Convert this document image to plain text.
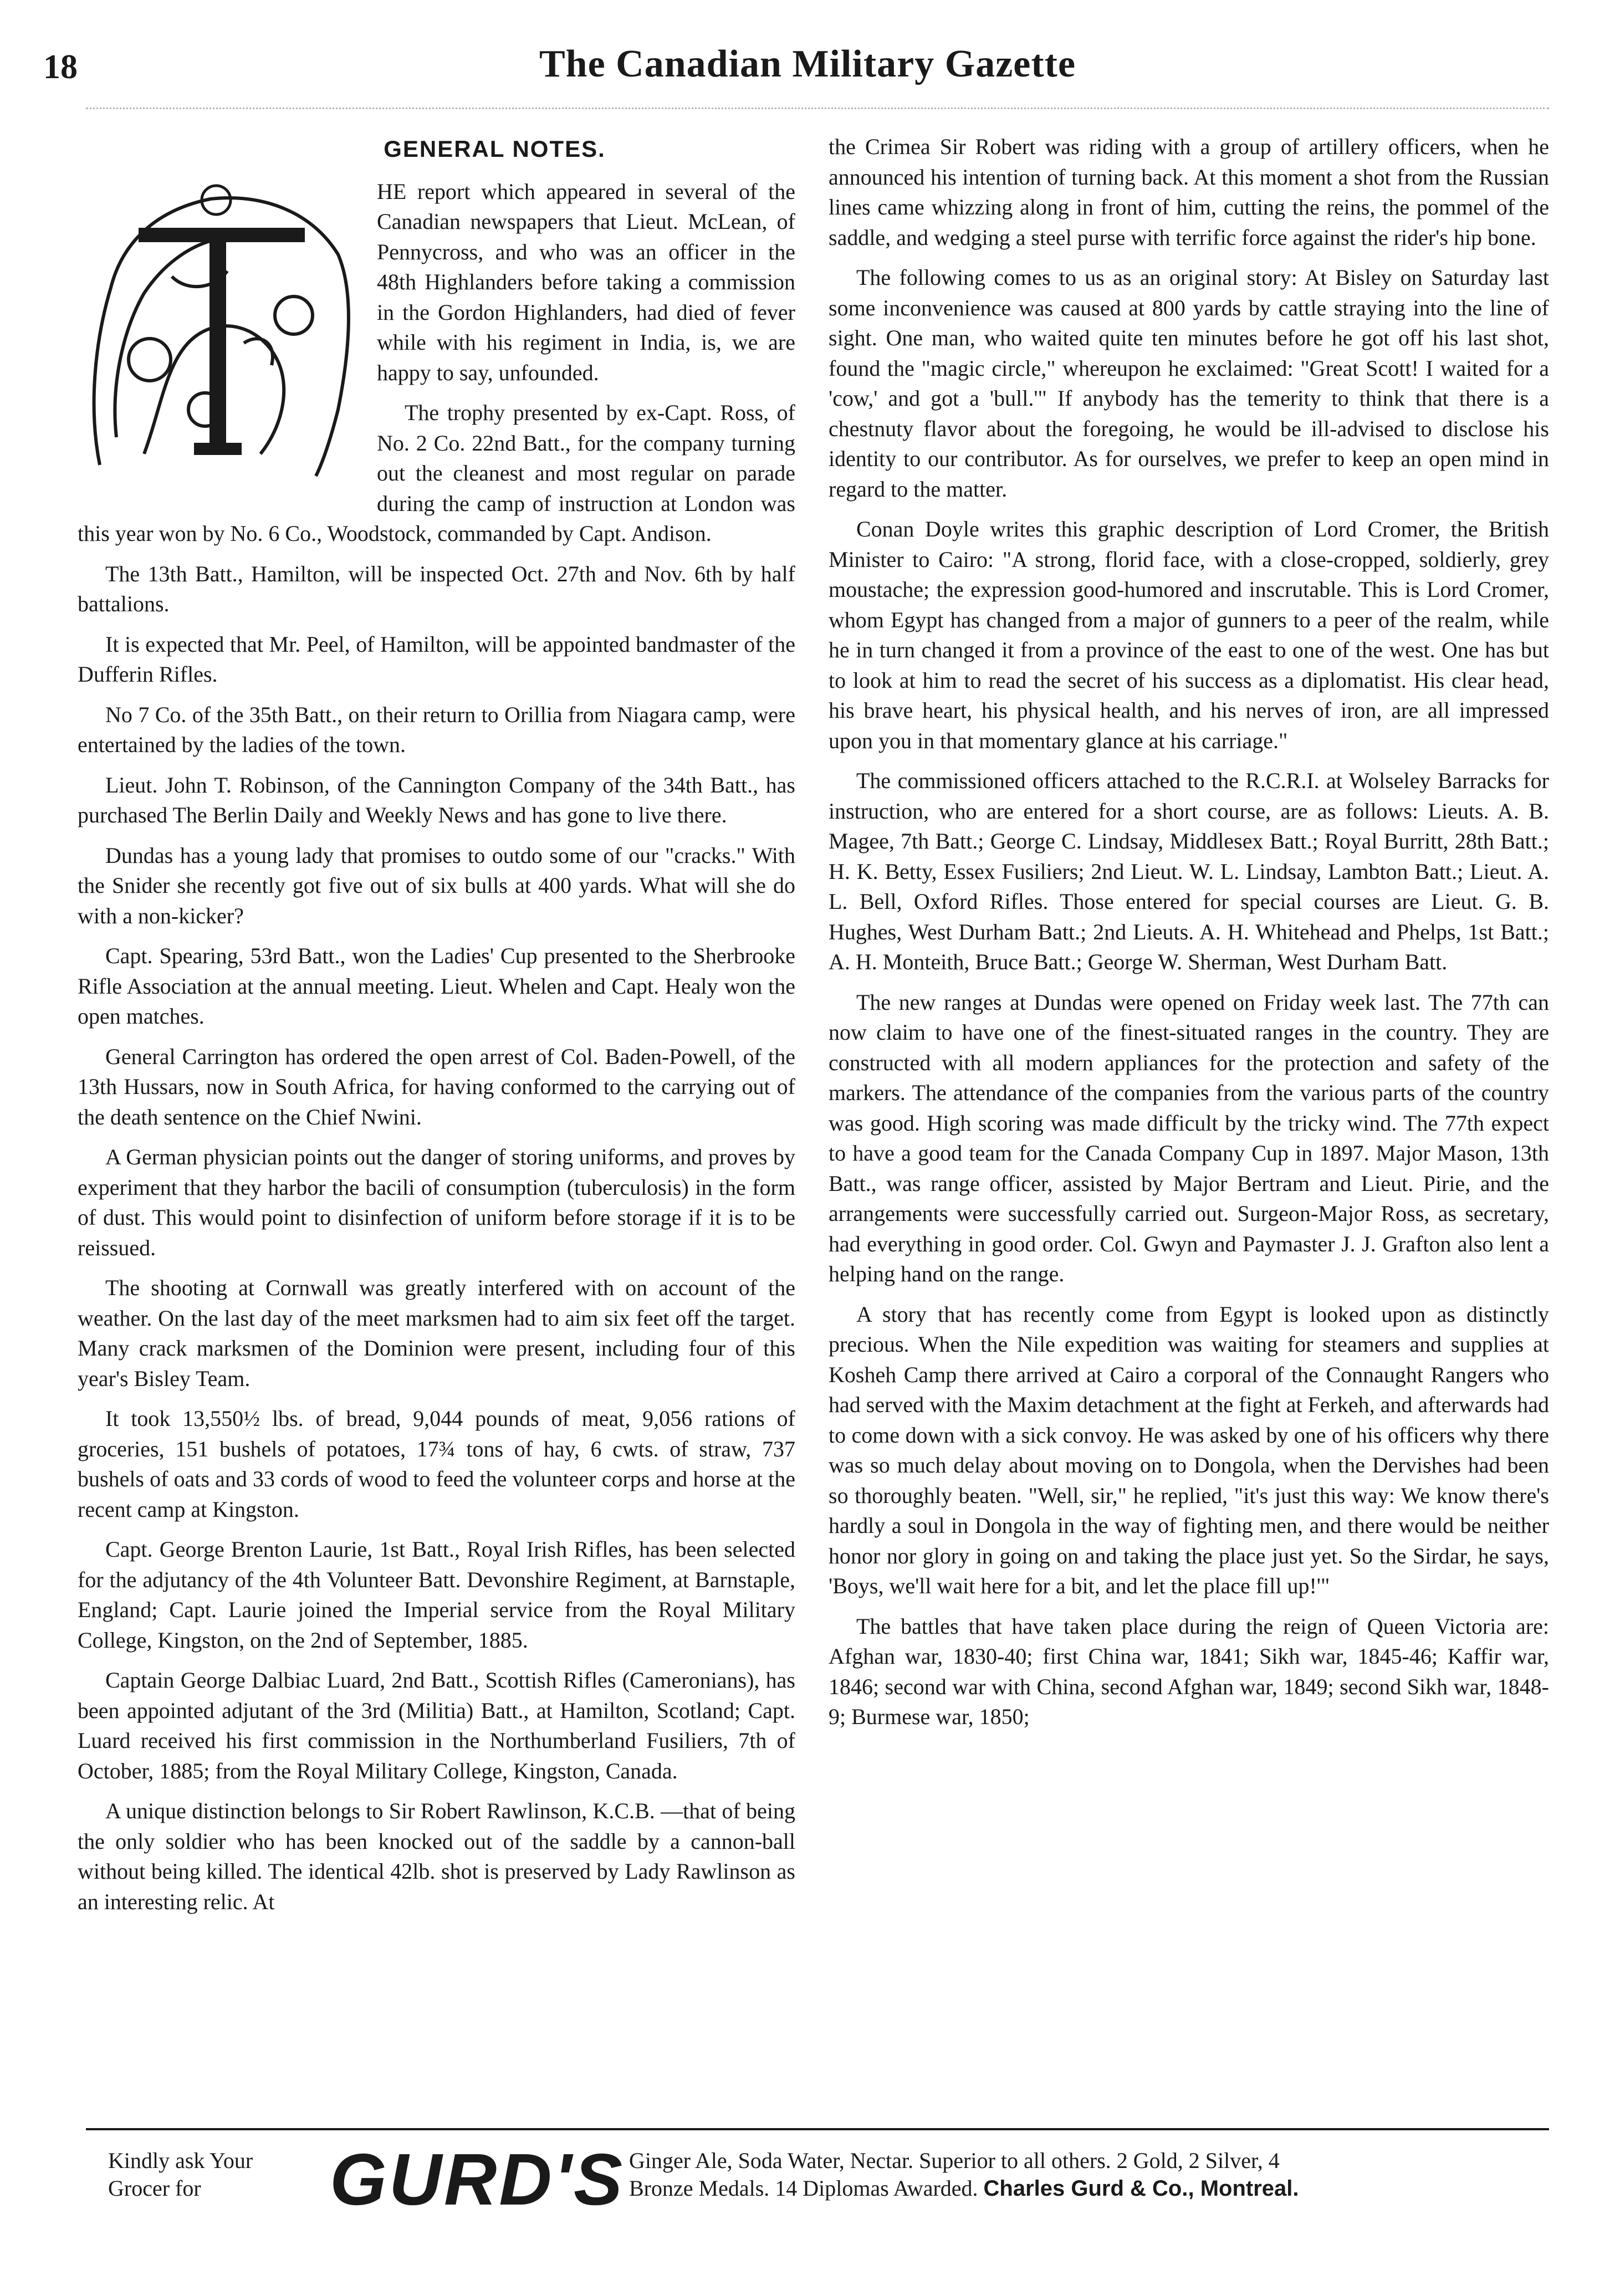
18	The Canadian Military Gazette
GENERAL NOTES.

HE report which appeared in several of the Canadian newspapers that Lieut. McLean, of Pennycross, and who was an officer in the 48th Highlanders before taking a commission in the Gordon Highlanders, had died of fever while with his regiment in India, is, we are happy to say, unfounded.

The trophy presented by ex-Capt. Ross, of No. 2 Co. 22nd Batt., for the company turning out the cleanest and most regular on parade during the camp of instruction at London was this year won by No. 6 Co., Woodstock, commanded by Capt. Andison.

The 13th Batt., Hamilton, will be inspected Oct. 27th and Nov. 6th by half battalions.

It is expected that Mr. Peel, of Hamilton, will be appointed bandmaster of the Dufferin Rifles.

No 7 Co. of the 35th Batt., on their return to Orillia from Niagara camp, were entertained by the ladies of the town.

Lieut. John T. Robinson, of the Cannington Company of the 34th Batt., has purchased The Berlin Daily and Weekly News and has gone to live there.

Dundas has a young lady that promises to outdo some of our "cracks." With the Snider she recently got five out of six bulls at 400 yards. What will she do with a non-kicker?

Capt. Spearing, 53rd Batt., won the Ladies' Cup presented to the Sherbrooke Rifle Association at the annual meeting. Lieut. Whelen and Capt. Healy won the open matches.

General Carrington has ordered the open arrest of Col. Baden-Powell, of the 13th Hussars, now in South Africa, for having conformed to the carrying out of the death sentence on the Chief Nwini.

A German physician points out the danger of storing uniforms, and proves by experiment that they harbor the bacili of consumption (tuberculosis) in the form of dust. This would point to disinfection of uniform before storage if it is to be reissued.

The shooting at Cornwall was greatly interfered with on account of the weather. On the last day of the meet marksmen had to aim six feet off the target. Many crack marksmen of the Dominion were present, including four of this year's Bisley Team.

It took 13,550½ lbs. of bread, 9,044 pounds of meat, 9,056 rations of groceries, 151 bushels of potatoes, 17¾ tons of hay, 6 cwts. of straw, 737 bushels of oats and 33 cords of wood to feed the volunteer corps and horse at the recent camp at Kingston.

Capt. George Brenton Laurie, 1st Batt., Royal Irish Rifles, has been selected for the adjutancy of the 4th Volunteer Batt. Devonshire Regiment, at Barnstaple, England; Capt. Laurie joined the Imperial service from the Royal Military College, Kingston, on the 2nd of September, 1885.

Captain George Dalbiac Luard, 2nd Batt., Scottish Rifles (Cameronians), has been appointed adjutant of the 3rd (Militia) Batt., at Hamilton, Scotland; Capt. Luard received his first commission in the Northumberland Fusiliers, 7th of October, 1885; from the Royal Military College, Kingston, Canada.

A unique distinction belongs to Sir Robert Rawlinson, K.C.B. —that of being the only soldier who has been knocked out of the saddle by a cannon-ball without being killed. The identical 42lb. shot is preserved by Lady Rawlinson as an interesting relic. At

the Crimea Sir Robert was riding with a group of artillery officers, when he announced his intention of turning back. At this moment a shot from the Russian lines came whizzing along in front of him, cutting the reins, the pommel of the saddle, and wedging a steel purse with terrific force against the rider's hip bone.

The following comes to us as an original story: At Bisley on Saturday last some inconvenience was caused at 800 yards by cattle straying into the line of sight. One man, who waited quite ten minutes before he got off his last shot, found the "magic circle," whereupon he exclaimed: "Great Scott! I waited for a 'cow,' and got a 'bull.'" If anybody has the temerity to think that there is a chestnuty flavor about the foregoing, he would be ill-advised to disclose his identity to our contributor. As for ourselves, we prefer to keep an open mind in regard to the matter.

Conan Doyle writes this graphic description of Lord Cromer, the British Minister to Cairo: "A strong, florid face, with a close-cropped, soldierly, grey moustache; the expression good-humored and inscrutable. This is Lord Cromer, whom Egypt has changed from a major of gunners to a peer of the realm, while he in turn changed it from a province of the east to one of the west. One has but to look at him to read the secret of his success as a diplomatist. His clear head, his brave heart, his physical health, and his nerves of iron, are all impressed upon you in that momentary glance at his carriage."

The commissioned officers attached to the R.C.R.I. at Wolseley Barracks for instruction, who are entered for a short course, are as follows: Lieuts. A. B. Magee, 7th Batt.; George C. Lindsay, Middlesex Batt.; Royal Burritt, 28th Batt.; H. K. Betty, Essex Fusiliers; 2nd Lieut. W. L. Lindsay, Lambton Batt.; Lieut. A. L. Bell, Oxford Rifles. Those entered for special courses are Lieut. G. B. Hughes, West Durham Batt.; 2nd Lieuts. A. H. Whitehead and Phelps, 1st Batt.; A. H. Monteith, Bruce Batt.; George W. Sherman, West Durham Batt.

The new ranges at Dundas were opened on Friday week last. The 77th can now claim to have one of the finest-situated ranges in the country. They are constructed with all modern appliances for the protection and safety of the markers. The attendance of the companies from the various parts of the country was good. High scoring was made difficult by the tricky wind. The 77th expect to have a good team for the Canada Company Cup in 1897. Major Mason, 13th Batt., was range officer, assisted by Major Bertram and Lieut. Pirie, and the arrangements were successfully carried out. Surgeon-Major Ross, as secretary, had everything in good order. Col. Gwyn and Paymaster J. J. Grafton also lent a helping hand on the range.

A story that has recently come from Egypt is looked upon as distinctly precious. When the Nile expedition was waiting for steamers and supplies at Kosheh Camp there arrived at Cairo a corporal of the Connaught Rangers who had served with the Maxim detachment at the fight at Ferkeh, and afterwards had to come down with a sick convoy. He was asked by one of his officers why there was so much delay about moving on to Dongola, when the Dervishes had been so thoroughly beaten. "Well, sir," he replied, "it's just this way: We know there's hardly a soul in Dongola in the way of fighting men, and there would be neither honor nor glory in going on and taking the place just yet. So the Sirdar, he says, 'Boys, we'll wait here for a bit, and let the place fill up!'"

The battles that have taken place during the reign of Queen Victoria are: Afghan war, 1830-40; first China war, 1841; Sikh war, 1845-46; Kaffir war, 1846; second war with China, second Afghan war, 1849; second Sikh war, 1848-9; Burmese war, 1850;

Kindly ask Your
Grocer for	GURD'S Ginger Ale, Soda Water, Nectar. Superior to all others. 2 Gold, 2 Silver, 4
Bronze Medals. 14 Diplomas Awarded. Charles Gurd & Co., Montreal.
